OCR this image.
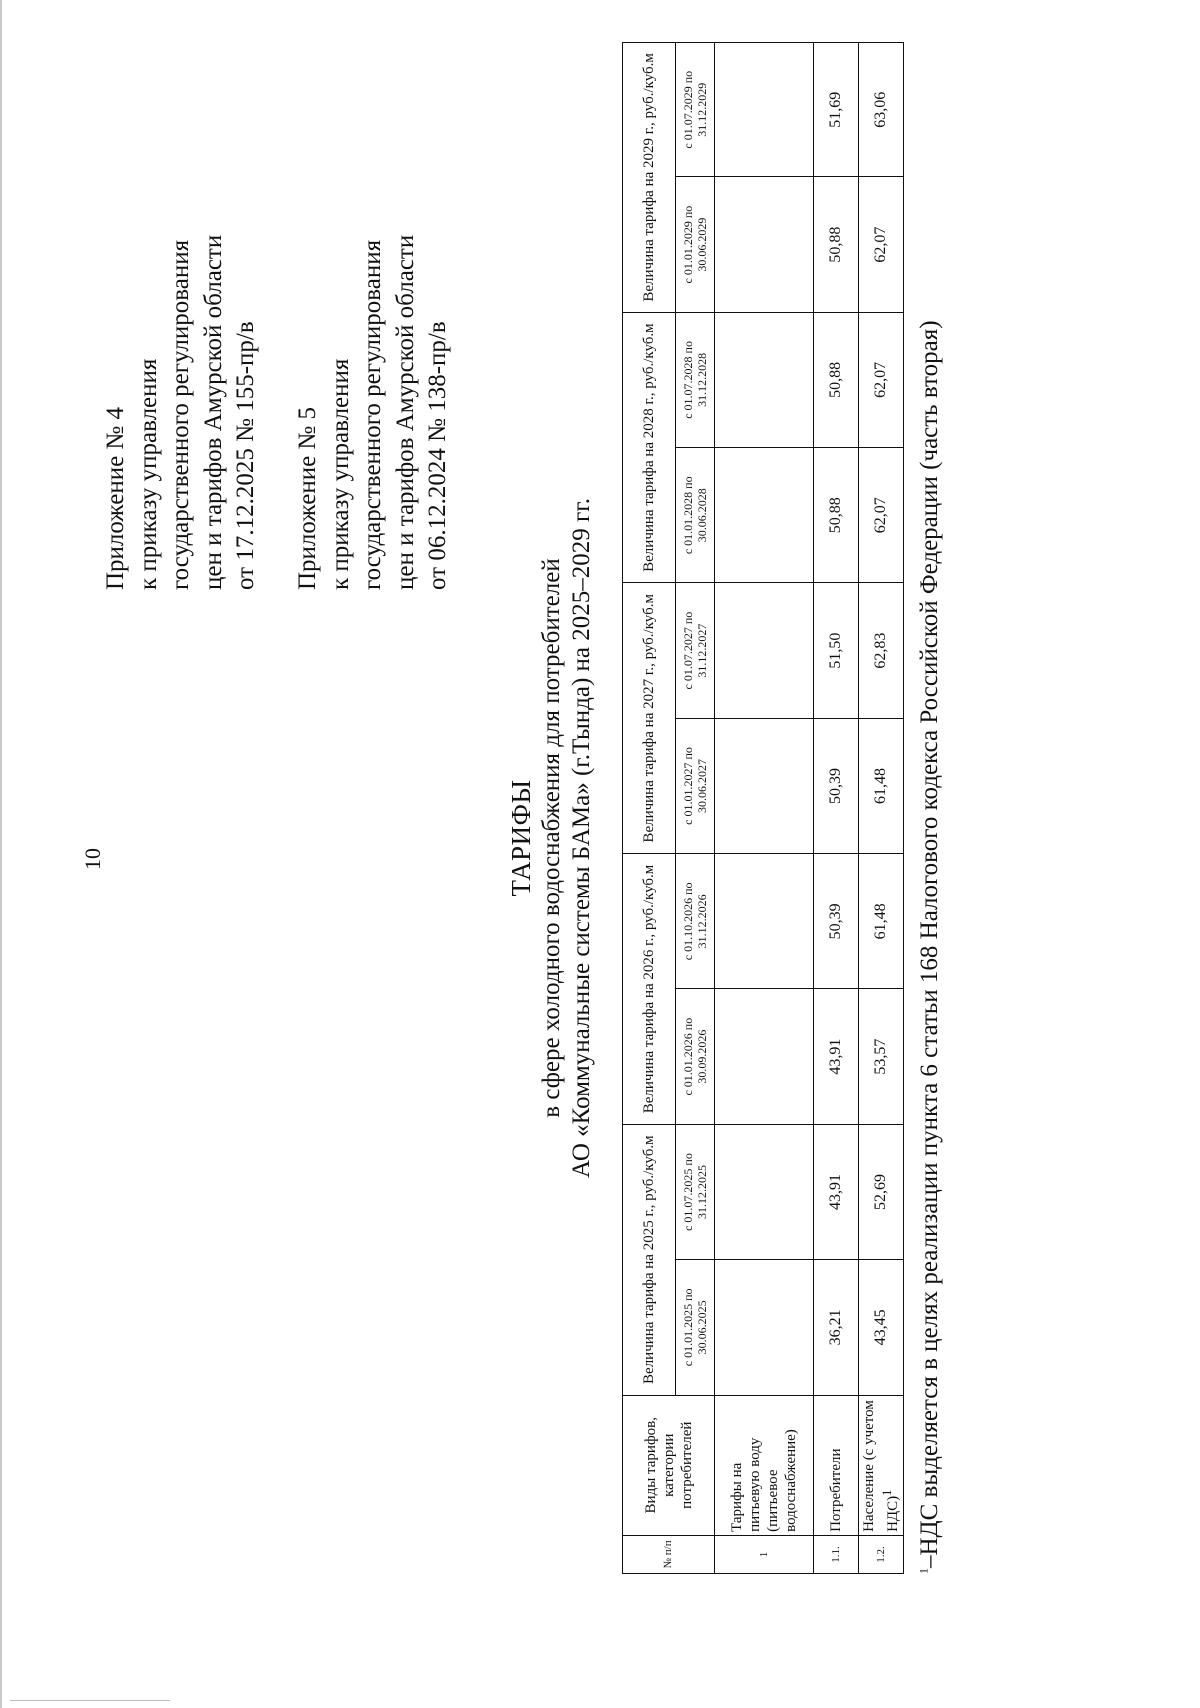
10
Приложение № 4 к приказу управления государственного регулирования цен и тарифов Амурской области от 17.12.2025 № 155-пр/в Приложение № 5 к приказу управления государственного регулирования цен и тарифов Амурской области от 06.12.2024 № 138-пр/в
ТАРИФЫ в сфере холодного водоснабжения для потребителей АО «Коммунальные системы БАМа» (г.Тында) на 2025–2029 гг.
№ п/п	Виды тарифов, категории потребителей	Величина тарифа на 2025 г., руб./куб.м		Величина тарифа на 2026 г., руб./куб.м		Величина тарифа на 2027 г., руб./куб.м		Величина тарифа на 2028 г., руб./куб.м		Величина тарифа на 2029 г., руб./куб.м	
		с 01.01.2025 по 30.06.2025	с 01.07.2025 по 31.12.2025	с 01.01.2026 по 30.09.2026	с 01.10.2026 по 31.12.2026	с 01.01.2027 по 30.06.2027	с 01.07.2027 по 31.12.2027	с 01.01.2028 по 30.06.2028	с 01.07.2028 по 31.12.2028	с 01.01.2029 по 30.06.2029	с 01.07.2029 по 31.12.2029
1	Тарифы на питьевую воду (питьевое водоснабжение)										
1.1.	Потребители	36,21	43,91	43,91	50,39	50,39	51,50	50,88	50,88	50,88	51,69
1.2.	Население (с учетом НДС)$^1$	43,45	52,69	53,57	61,48	61,48	62,83	62,07	62,07	62,07	63,06
$^1$–НДС выделяется в целях реализации пункта 6 статьи 168 Налогового кодекса Российской Федерации (часть вторая)
